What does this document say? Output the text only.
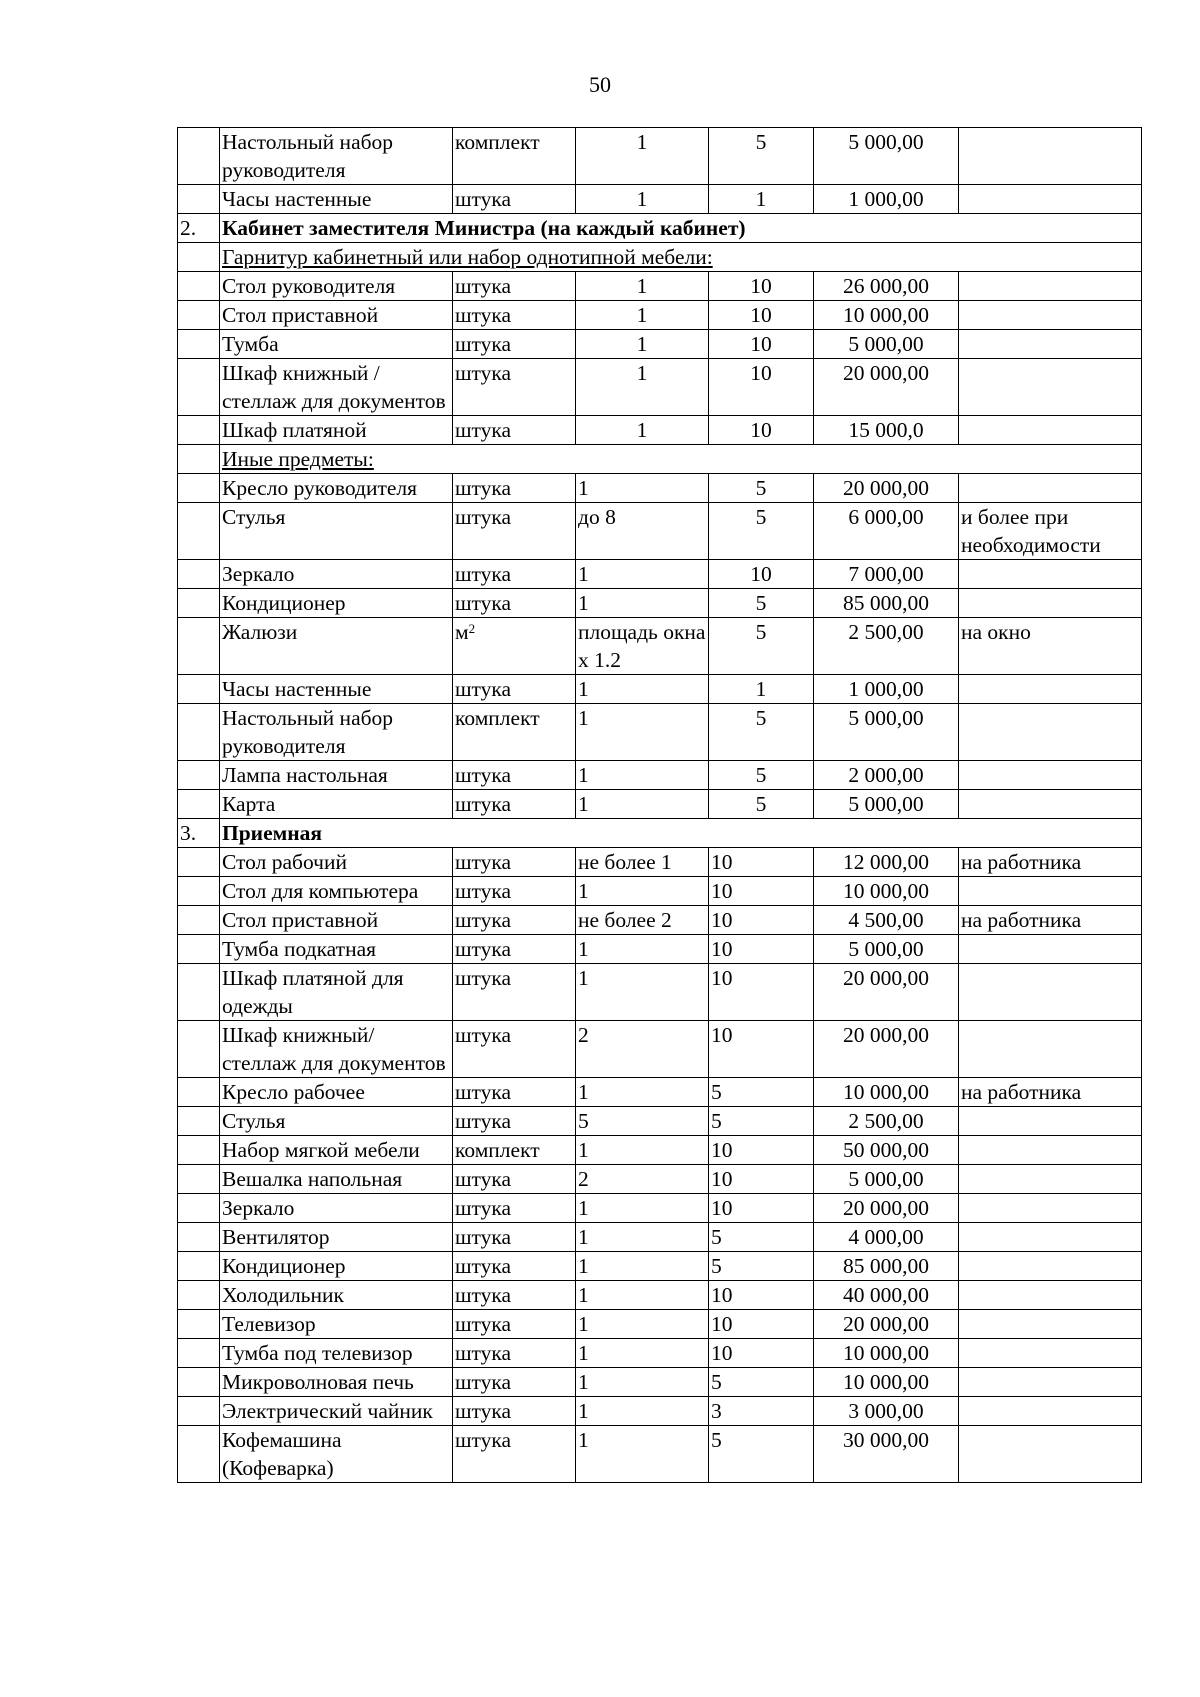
50
	Настольный набор руководителя	комплект	1	5	5 000,00	
	Часы настенные	штука	1	1	1 000,00	
2.	Кабинет заместителя Министра (на каждый кабинет)					
	Гарнитур кабинетный или набор однотипной мебели:					
	Стол руководителя	штука	1	10	26 000,00	
	Стол приставной	штука	1	10	10 000,00	
	Тумба	штука	1	10	5 000,00	
	Шкаф книжный /стеллаж для документов	штука	1	10	20 000,00	
	Шкаф платяной	штука	1	10	15 000,0	
	Иные предметы:					
	Кресло руководителя	штука	1	5	20 000,00	
	Стулья	штука	до 8	5	6 000,00	и более при необходимости
	Зеркало	штука	1	10	7 000,00	
	Кондиционер	штука	1	5	85 000,00	
	Жалюзи	$м^2$	площадь окна х 1.2	5	2 500,00	на окно
	Часы настенные	штука	1	1	1 000,00	
	Настольный набор руководителя	комплект	1	5	5 000,00	
	Лампа настольная	штука	1	5	2 000,00	
	Карта	штука	1	5	5 000,00	
3.	Приемная					
	Стол рабочий	штука	не более 1	10	12 000,00	на работника
	Стол для компьютера	штука	1	10	10 000,00	
	Стол приставной	штука	не более 2	10	4 500,00	на работника
	Тумба подкатная	штука	1	10	5 000,00	
	Шкаф платяной для одежды	штука	1	10	20 000,00	
	Шкаф книжный/ стеллаж для документов	штука	2	10	20 000,00	
	Кресло рабочее	штука	1	5	10 000,00	на работника
	Стулья	штука	5	5	2 500,00	
	Набор мягкой мебели	комплект	1	10	50 000,00	
	Вешалка напольная	штука	2	10	5 000,00	
	Зеркало	штука	1	10	20 000,00	
	Вентилятор	штука	1	5	4 000,00	
	Кондиционер	штука	1	5	85 000,00	
	Холодильник	штука	1	10	40 000,00	
	Телевизор	штука	1	10	20 000,00	
	Тумба под телевизор	штука	1	10	10 000,00	
	Микроволновая печь	штука	1	5	10 000,00	
	Электрический чайник	штука	1	3	3 000,00	
	Кофемашина (Кофеварка)	штука	1	5	30 000,00	
